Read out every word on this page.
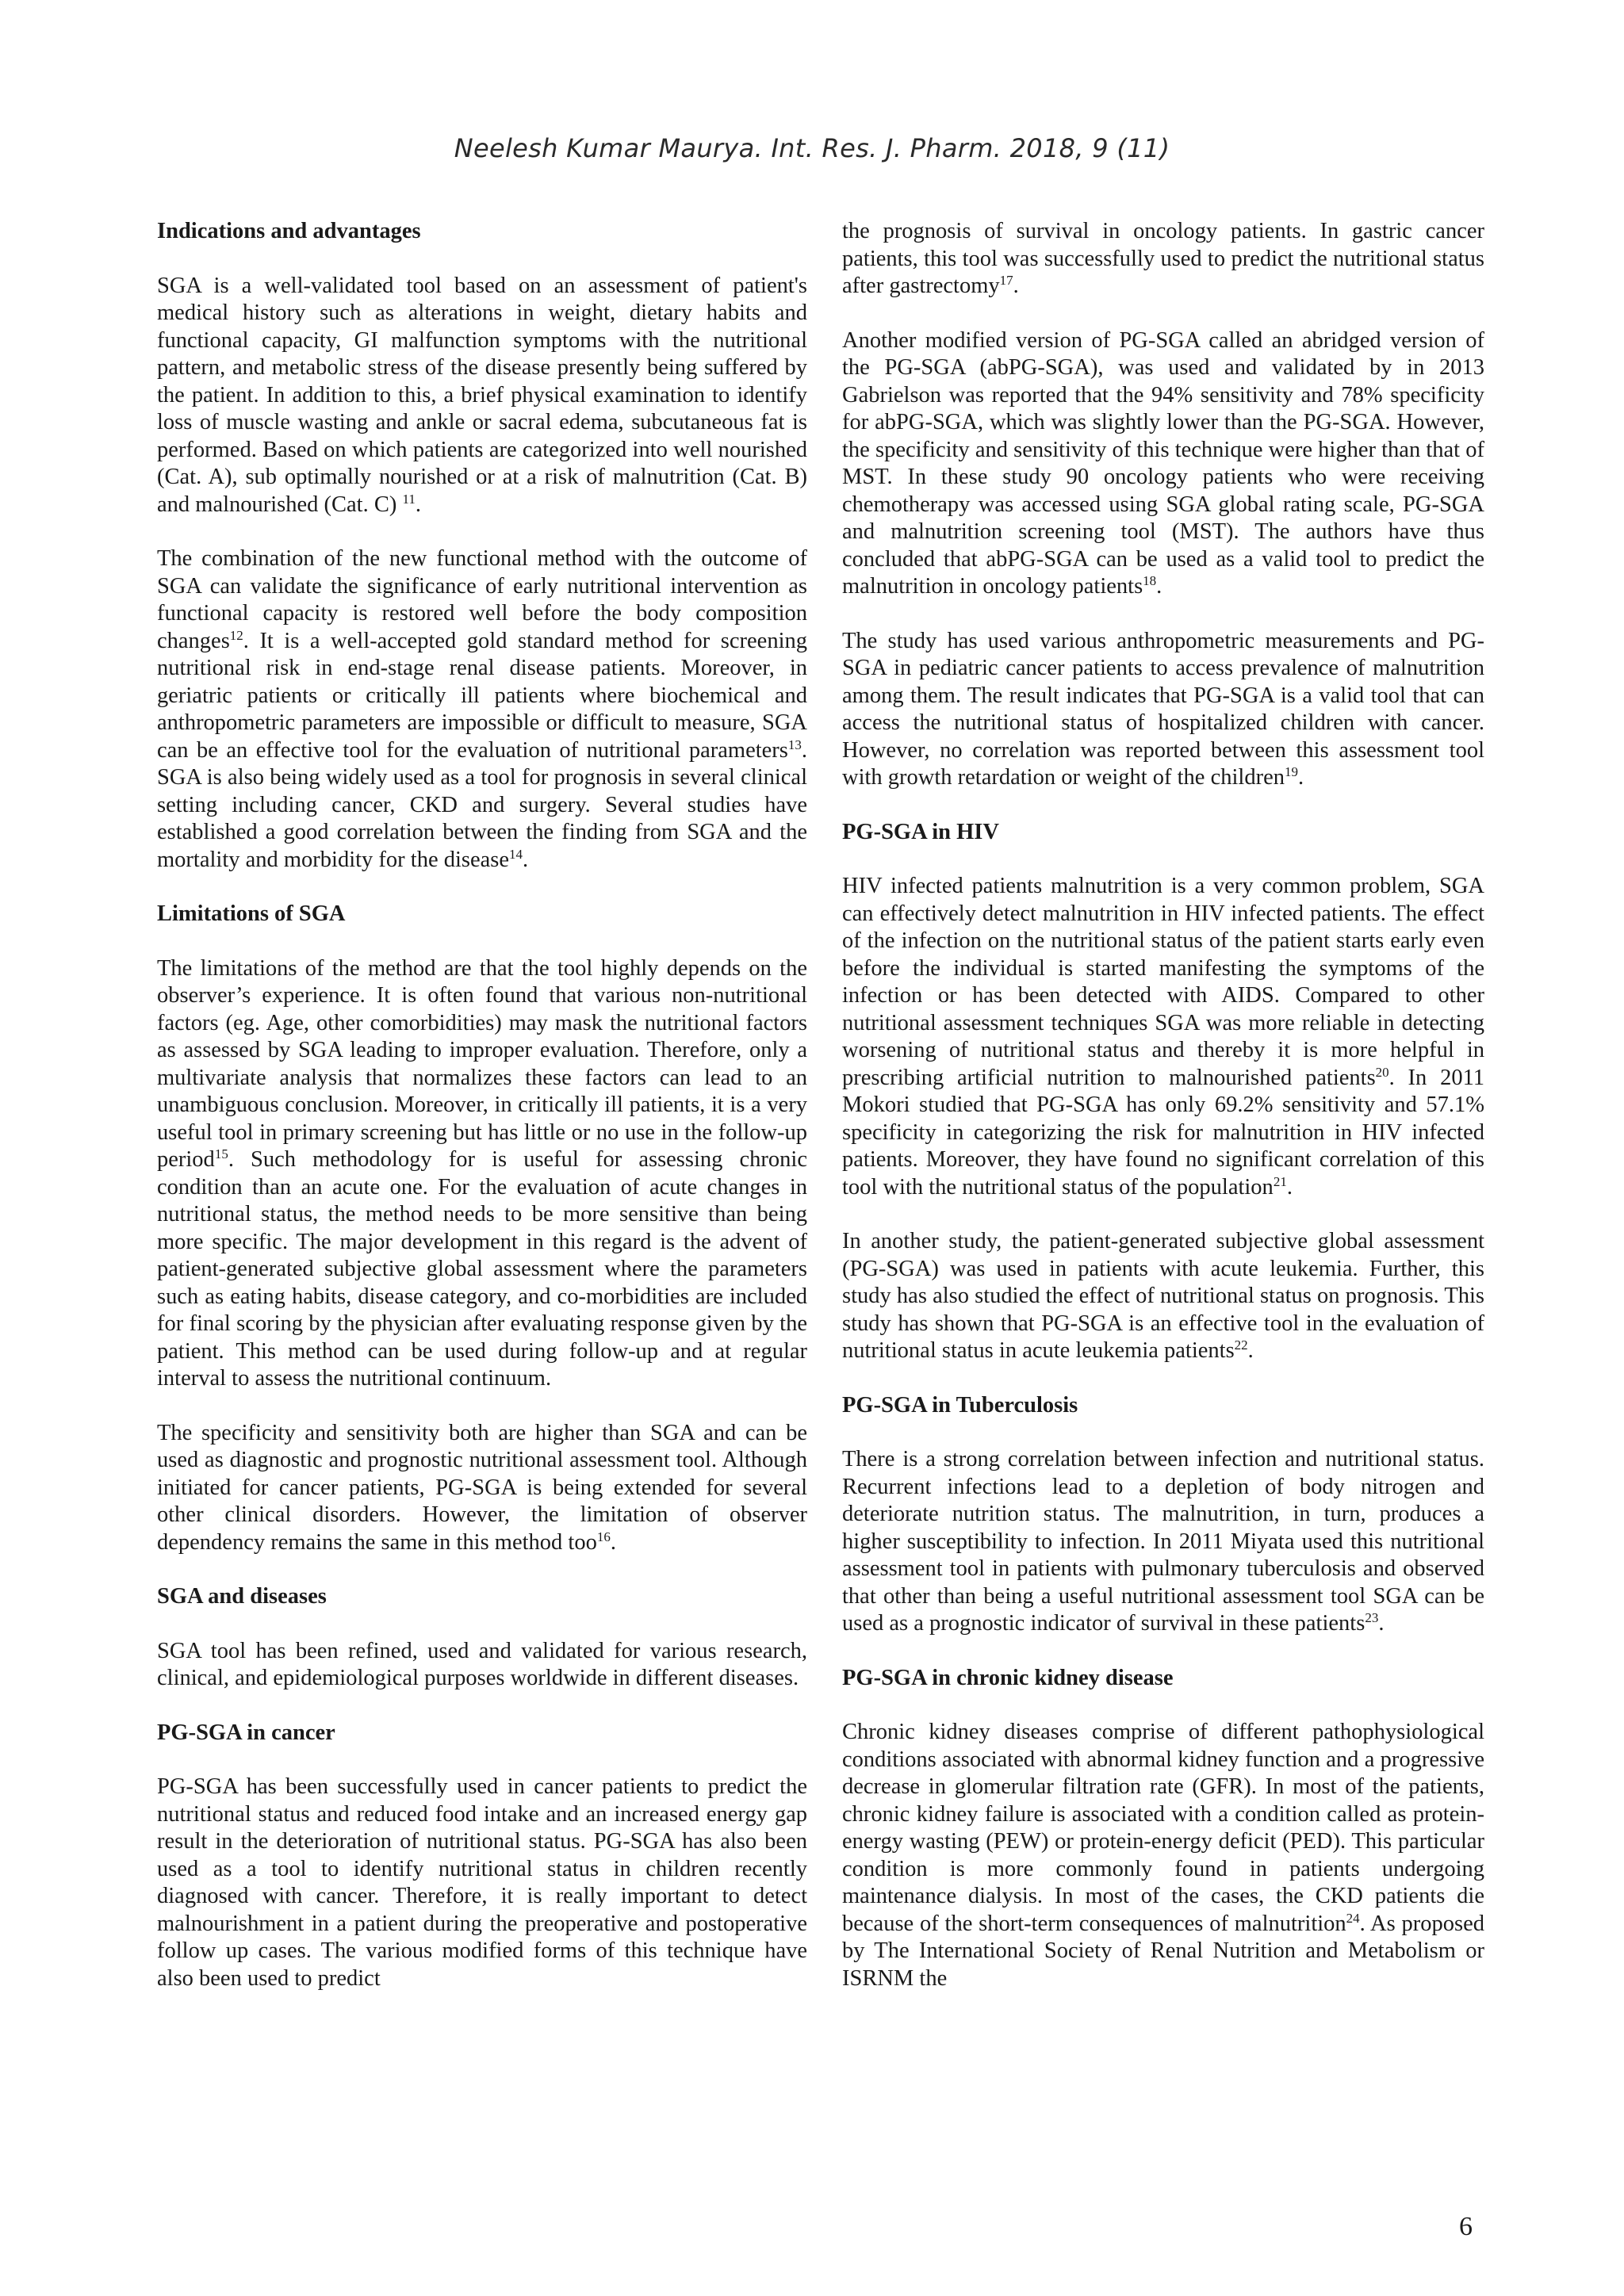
Neelesh Kumar Maurya. Int. Res. J. Pharm. 2018, 9 (11)
Indications and advantages

SGA is a well-validated tool based on an assessment of patient's medical history such as alterations in weight, dietary habits and functional capacity, GI malfunction symptoms with the nutritional pattern, and metabolic stress of the disease presently being suffered by the patient. In addition to this, a brief physical examination to identify loss of muscle wasting and ankle or sacral edema, subcutaneous fat is performed. Based on which patients are categorized into well nourished (Cat. A), sub optimally nourished or at a risk of malnutrition (Cat. B) and malnourished (Cat. C) $^{11}$.

The combination of the new functional method with the outcome of SGA can validate the significance of early nutritional intervention as functional capacity is restored well before the body composition changes$^{12}$. It is a well-accepted gold standard method for screening nutritional risk in end-stage renal disease patients. Moreover, in geriatric patients or critically ill patients where biochemical and anthropometric parameters are impossible or difficult to measure, SGA can be an effective tool for the evaluation of nutritional parameters$^{13}$. SGA is also being widely used as a tool for prognosis in several clinical setting including cancer, CKD and surgery. Several studies have established a good correlation between the finding from SGA and the mortality and morbidity for the disease$^{14}$.

Limitations of SGA

The limitations of the method are that the tool highly depends on the observer’s experience. It is often found that various non-nutritional factors (eg. Age, other comorbidities) may mask the nutritional factors as assessed by SGA leading to improper evaluation. Therefore, only a multivariate analysis that normalizes these factors can lead to an unambiguous conclusion. Moreover, in critically ill patients, it is a very useful tool in primary screening but has little or no use in the follow-up period$^{15}$. Such methodology for is useful for assessing chronic condition than an acute one. For the evaluation of acute changes in nutritional status, the method needs to be more sensitive than being more specific. The major development in this regard is the advent of patient-generated subjective global assessment where the parameters such as eating habits, disease category, and co-morbidities are included for final scoring by the physician after evaluating response given by the patient. This method can be used during follow-up and at regular interval to assess the nutritional continuum.

The specificity and sensitivity both are higher than SGA and can be used as diagnostic and prognostic nutritional assessment tool. Although initiated for cancer patients, PG-SGA is being extended for several other clinical disorders. However, the limitation of observer dependency remains the same in this method too$^{16}$.

SGA and diseases

SGA tool has been refined, used and validated for various research, clinical, and epidemiological purposes worldwide in different diseases.

PG-SGA in cancer

PG-SGA has been successfully used in cancer patients to predict the nutritional status and reduced food intake and an increased energy gap result in the deterioration of nutritional status. PG-SGA has also been used as a tool to identify nutritional status in children recently diagnosed with cancer. Therefore, it is really important to detect malnourishment in a patient during the preoperative and postoperative follow up cases. The various modified forms of this technique have also been used to predict

the prognosis of survival in oncology patients. In gastric cancer patients, this tool was successfully used to predict the nutritional status after gastrectomy$^{17}$.

Another modified version of PG-SGA called an abridged version of the PG-SGA (abPG-SGA), was used and validated by in 2013 Gabrielson was reported that the 94% sensitivity and 78% specificity for abPG-SGA, which was slightly lower than the PG-SGA. However, the specificity and sensitivity of this technique were higher than that of MST. In these study 90 oncology patients who were receiving chemotherapy was accessed using SGA global rating scale, PG-SGA and malnutrition screening tool (MST). The authors have thus concluded that abPG-SGA can be used as a valid tool to predict the malnutrition in oncology patients$^{18}$.

The study has used various anthropometric measurements and PG-SGA in pediatric cancer patients to access prevalence of malnutrition among them. The result indicates that PG-SGA is a valid tool that can access the nutritional status of hospitalized children with cancer. However, no correlation was reported between this assessment tool with growth retardation or weight of the children$^{19}$.

PG-SGA in HIV

HIV infected patients malnutrition is a very common problem, SGA can effectively detect malnutrition in HIV infected patients. The effect of the infection on the nutritional status of the patient starts early even before the individual is started manifesting the symptoms of the infection or has been detected with AIDS. Compared to other nutritional assessment techniques SGA was more reliable in detecting worsening of nutritional status and thereby it is more helpful in prescribing artificial nutrition to malnourished patients$^{20}$. In 2011 Mokori studied that PG-SGA has only 69.2% sensitivity and 57.1% specificity in categorizing the risk for malnutrition in HIV infected patients. Moreover, they have found no significant correlation of this tool with the nutritional status of the population$^{21}$.

In another study, the patient-generated subjective global assessment (PG-SGA) was used in patients with acute leukemia. Further, this study has also studied the effect of nutritional status on prognosis. This study has shown that PG-SGA is an effective tool in the evaluation of nutritional status in acute leukemia patients$^{22}$.

PG-SGA in Tuberculosis

There is a strong correlation between infection and nutritional status. Recurrent infections lead to a depletion of body nitrogen and deteriorate nutrition status. The malnutrition, in turn, produces a higher susceptibility to infection. In 2011 Miyata used this nutritional assessment tool in patients with pulmonary tuberculosis and observed that other than being a useful nutritional assessment tool SGA can be used as a prognostic indicator of survival in these patients$^{23}$.

PG-SGA in chronic kidney disease

Chronic kidney diseases comprise of different pathophysiological conditions associated with abnormal kidney function and a progressive decrease in glomerular filtration rate (GFR). In most of the patients, chronic kidney failure is associated with a condition called as protein-energy wasting (PEW) or protein-energy deficit (PED). This particular condition is more commonly found in patients undergoing maintenance dialysis. In most of the cases, the CKD patients die because of the short-term consequences of malnutrition$^{24}$. As proposed by The International Society of Renal Nutrition and Metabolism or ISRNM the

6
